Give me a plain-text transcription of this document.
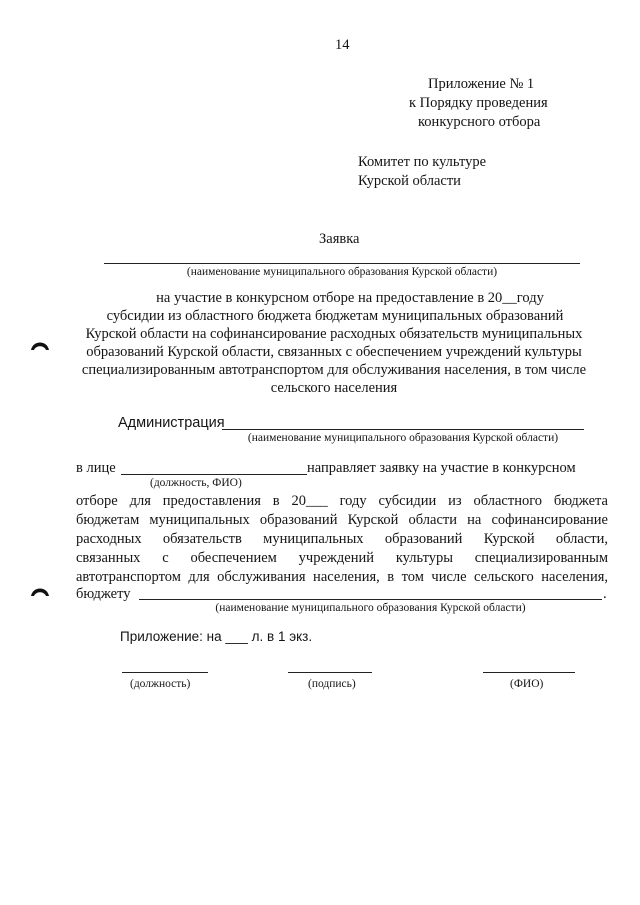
14
Приложение № 1
к Порядку проведения
конкурсного отбора
Комитет по культуре
Курской области
Заявка
(наименование муниципального образования Курской области)
на участие в конкурсном отборе на предоставление в 20__году
субсидии из областного бюджета бюджетам муниципальных образований
Курской области на софинансирование расходных обязательств муниципальных
образований Курской области, связанных с обеспечением учреждений культуры
специализированным автотранспортом для обслуживания населения, в том числе
сельского населения
Администрация
(наименование муниципального образования Курской области)
в лице	направляет заявку на участие в конкурсном
(должность, ФИО)
отборе для предоставления в 20___ году субсидии из областного бюджета
бюджетам муниципальных образований Курской области на софинансирование
расходных обязательств муниципальных образований Курской области,
связанных с обеспечением учреждений культуры специализированным
автотранспортом для обслуживания населения, в том числе сельского населения,
бюджету	.
(наименование муниципального образования Курской области)
Приложение: на ___ л. в 1 экз.
(должность)	(подпись)	(ФИО)
